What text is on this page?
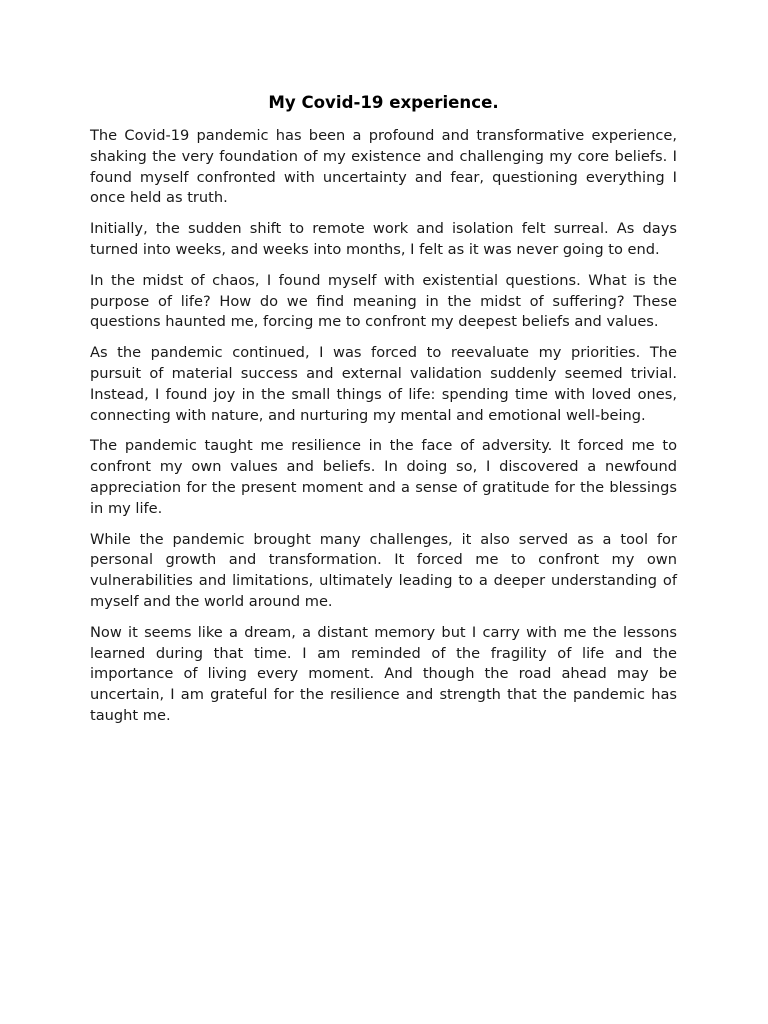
My Covid-19 experience.

The Covid-19 pandemic has been a profound and transformative experience, shaking the very foundation of my existence and challenging my core beliefs. I found myself confronted with uncertainty and fear, questioning everything I once held as truth.

Initially, the sudden shift to remote work and isolation felt surreal. As days turned into weeks, and weeks into months, I felt as it was never going to end.

In the midst of chaos, I found myself with existential questions. What is the purpose of life? How do we find meaning in the midst of suffering? These questions haunted me, forcing me to confront my deepest beliefs and values.

As the pandemic continued, I was forced to reevaluate my priorities. The pursuit of material success and external validation suddenly seemed trivial. Instead, I found joy in the small things of life: spending time with loved ones, connecting with nature, and nurturing my mental and emotional well-being.

The pandemic taught me resilience in the face of adversity. It forced me to confront my own values and beliefs. In doing so, I discovered a newfound appreciation for the present moment and a sense of gratitude for the blessings in my life.

While the pandemic brought many challenges, it also served as a tool for personal growth and transformation. It forced me to confront my own vulnerabilities and limitations, ultimately leading to a deeper understanding of myself and the world around me.

Now it seems like a dream, a distant memory but I carry with me the lessons learned during that time. I am reminded of the fragility of life and the importance of living every moment. And though the road ahead may be uncertain, I am grateful for the resilience and strength that the pandemic has taught me.
